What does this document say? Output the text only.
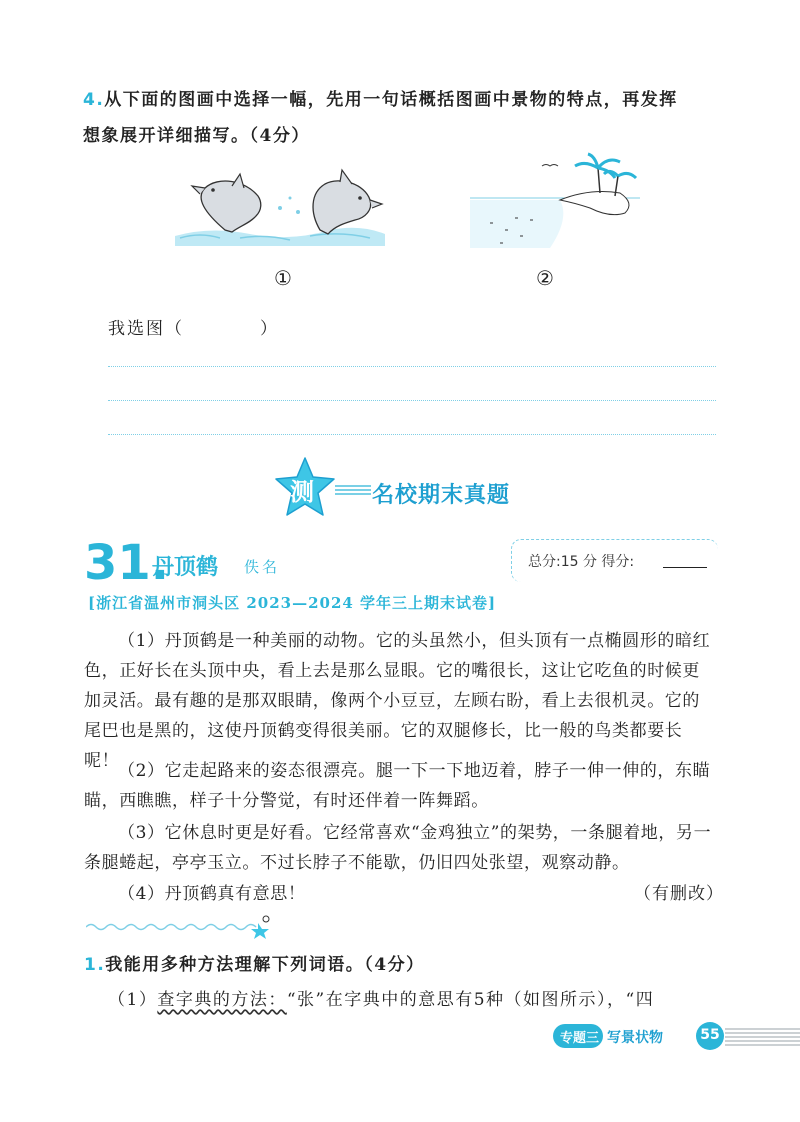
4.从下面的图画中选择一幅，先用一句话概括图画中景物的特点，再发挥
想象展开详细描写。（4分）
①	②
我选图（　　　　）
测	名校期末真题
31.
丹顶鹤 佚名	总分:15 分 得分:
[浙江省温州市洞头区 2023—2024 学年三上期末试卷]
（1）丹顶鹤是一种美丽的动物。它的头虽然小，但头顶有一点椭圆形的暗红色，正好长在头顶中央，看上去是那么显眼。它的嘴很长，这让它吃鱼的时候更加灵活。最有趣的是那双眼睛，像两个小豆豆，左顾右盼，看上去很机灵。它的尾巴也是黑的，这使丹顶鹤变得很美丽。它的双腿修长，比一般的鸟类都要长呢！
（2）它走起路来的姿态很漂亮。腿一下一下地迈着，脖子一伸一伸的，东瞄瞄，西瞧瞧，样子十分警觉，有时还伴着一阵舞蹈。
（3）它休息时更是好看。它经常喜欢“金鸡独立”的架势，一条腿着地，另一条腿蜷起，亭亭玉立。不过长脖子不能歇，仍旧四处张望，观察动静。
（4）丹顶鹤真有意思！	（有删改）
1.我能用多种方法理解下列词语。（4分）
（1）查字典的方法：“张”在字典中的意思有5种（如图所示），“四
专题三 写景状物	55
